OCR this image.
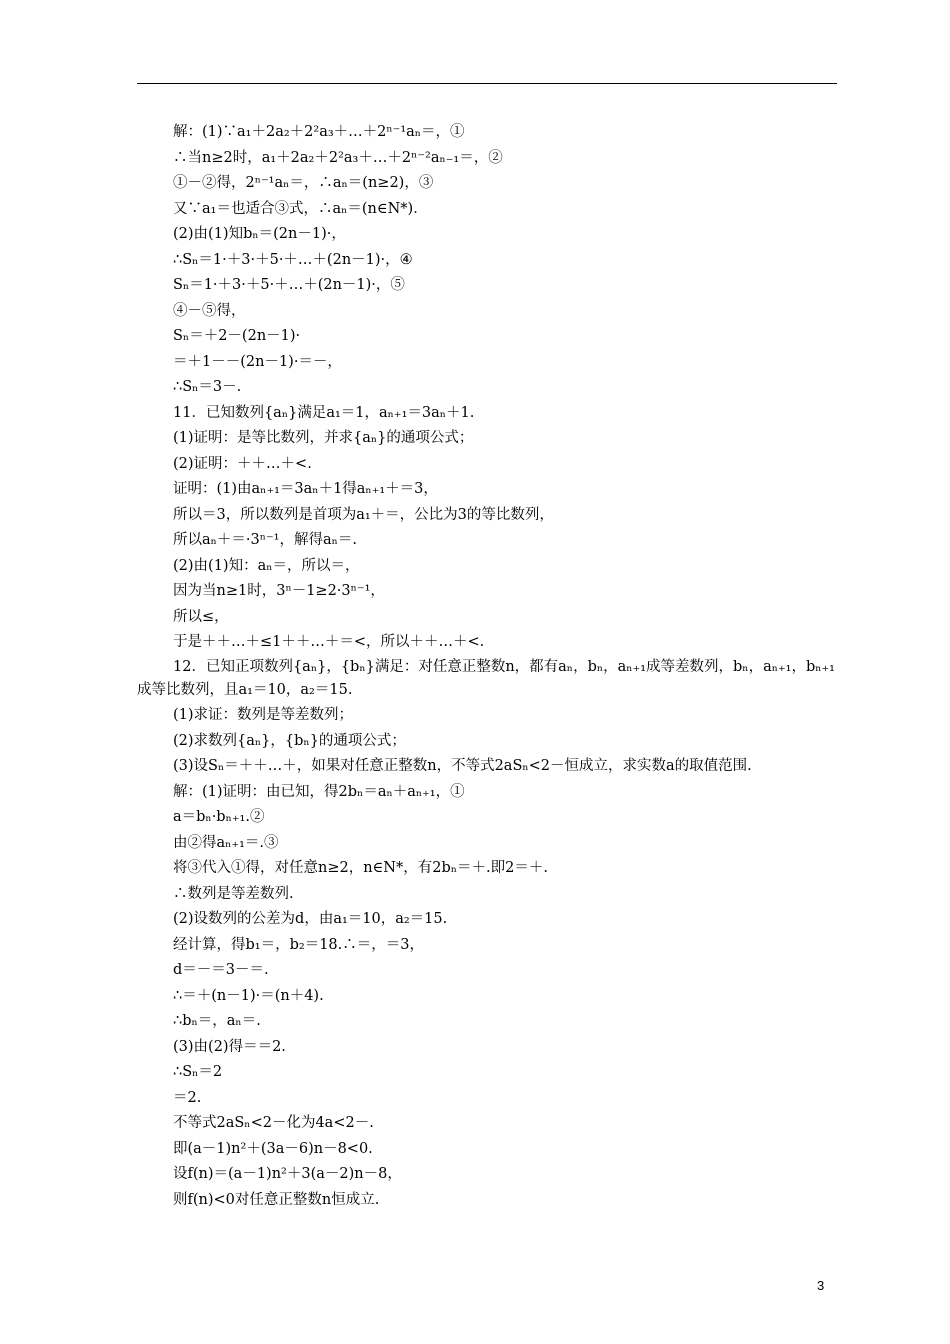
解：(1)∵a₁＋2a₂＋2²a₃＋…＋2ⁿ⁻¹aₙ＝，①
∴当n≥2时，a₁＋2a₂＋2²a₃＋…＋2ⁿ⁻²aₙ₋₁＝，②
①－②得，2ⁿ⁻¹aₙ＝，∴aₙ＝(n≥2)，③
又∵a₁＝也适合③式，∴aₙ＝(n∈N*)．
(2)由(1)知bₙ＝(2n－1)·，
∴Sₙ＝1·＋3·＋5·＋…＋(2n－1)·，④
Sₙ＝1·＋3·＋5·＋…＋(2n－1)·，⑤
④－⑤得，
Sₙ＝＋2－(2n－1)·
＝＋1－－(2n－1)·＝－，
∴Sₙ＝3－.
11．已知数列{aₙ}满足a₁＝1，aₙ₊₁＝3aₙ＋1.
(1)证明：是等比数列，并求{aₙ}的通项公式；
(2)证明：＋＋…＋<.
证明：(1)由aₙ₊₁＝3aₙ＋1得aₙ₊₁＋＝3，
所以＝3，所以数列是首项为a₁＋＝，公比为3的等比数列，
所以aₙ＋＝·3ⁿ⁻¹，解得aₙ＝.
(2)由(1)知：aₙ＝，所以＝，
因为当n≥1时，3ⁿ－1≥2·3ⁿ⁻¹，
所以≤，
于是＋＋…＋≤1＋＋…＋＝<，所以＋＋…＋<.
12．已知正项数列{aₙ}，{bₙ}满足：对任意正整数n，都有aₙ，bₙ，aₙ₊₁成等差数列，bₙ，aₙ₊₁，bₙ₊₁
成等比数列，且a₁＝10，a₂＝15.
(1)求证：数列是等差数列；
(2)求数列{aₙ}，{bₙ}的通项公式；
(3)设Sₙ＝＋＋…＋，如果对任意正整数n，不等式2aSₙ<2－恒成立，求实数a的取值范围.
解：(1)证明：由已知，得2bₙ＝aₙ＋aₙ₊₁，①
a＝bₙ·bₙ₊₁.②
由②得aₙ₊₁＝.③
将③代入①得，对任意n≥2，n∈N*，有2bₙ＝＋.即2＝＋.
∴数列是等差数列.
(2)设数列的公差为d，由a₁＝10，a₂＝15.
经计算，得b₁＝，b₂＝18.∴＝，＝3，
d＝－＝3－＝.
∴＝＋(n－1)·＝(n＋4).
∴bₙ＝，aₙ＝.
(3)由(2)得＝＝2.
∴Sₙ＝2
＝2.
不等式2aSₙ<2－化为4a<2－.
即(a－1)n²＋(3a－6)n－8<0.
设f(n)＝(a－1)n²＋3(a－2)n－8，
则f(n)<0对任意正整数n恒成立.
3
